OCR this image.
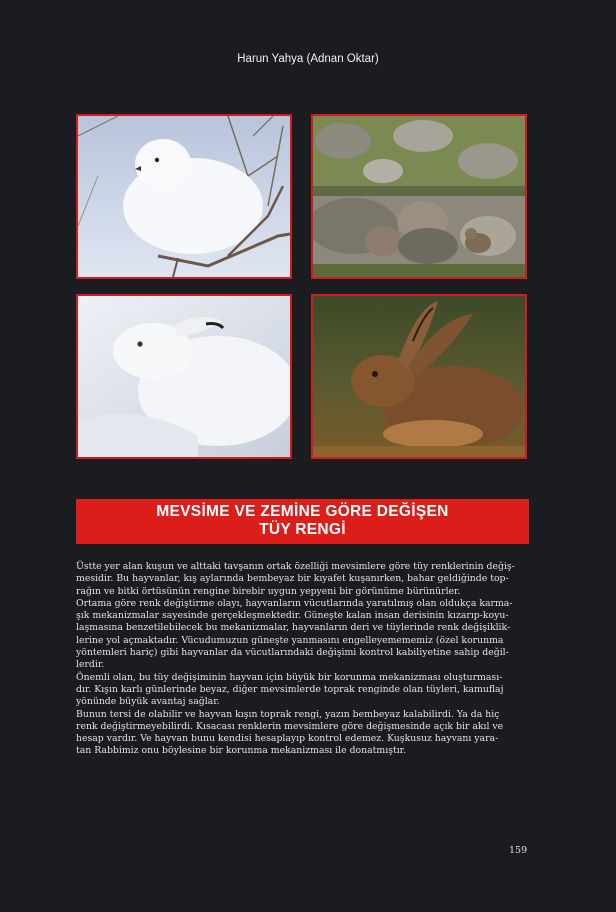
Harun Yahya (Adnan Oktar)
MEVSİME VE ZEMİNE GÖRE DEĞİŞEN
TÜY RENGİ

Üstte yer alan kuşun ve alttaki tavşanın ortak özelliği mevsimlere göre tüy renklerinin değiş-

mesidir. Bu hayvanlar, kış aylarında bembeyaz bir kıyafet kuşanırken, bahar geldiğinde top-

rağın ve bitki örtüsünün rengine birebir uygun yepyeni bir görünüme bürünürler.

Ortama göre renk değiştirme olayı, hayvanların vücutlarında yaratılmış olan oldukça karma-

şık mekanizmalar sayesinde gerçekleşmektedir. Güneşte kalan insan derisinin kızarıp-koyu-

laşmasına benzetilebilecek bu mekanizmalar, hayvanların deri ve tüylerinde renk değişiklik-

lerine yol açmaktadır. Vücudumuzun güneşte yanmasını engelleyemememiz (özel korunma

yöntemleri hariç) gibi hayvanlar da vücutlarındaki değişimi kontrol kabiliyetine sahip değil-

lerdir.

Önemli olan, bu tüy değişiminin hayvan için büyük bir korunma mekanizması oluşturması-

dır. Kışın karlı günlerinde beyaz, diğer mevsimlerde toprak renginde olan tüyleri, kamuflaj

yönünde büyük avantaj sağlar.

Bunun tersi de olabilir ve hayvan kışın toprak rengi, yazın bembeyaz kalabilirdi. Ya da hiç

renk değiştirmeyebilirdi. Kısacası renklerin mevsimlere göre değişmesinde açık bir akıl ve

hesap vardır. Ve hayvan bunu kendisi hesaplayıp kontrol edemez. Kuşkusuz hayvanı yara-

tan Rabbimiz onu böylesine bir korunma mekanizması ile donatmıştır.

159
